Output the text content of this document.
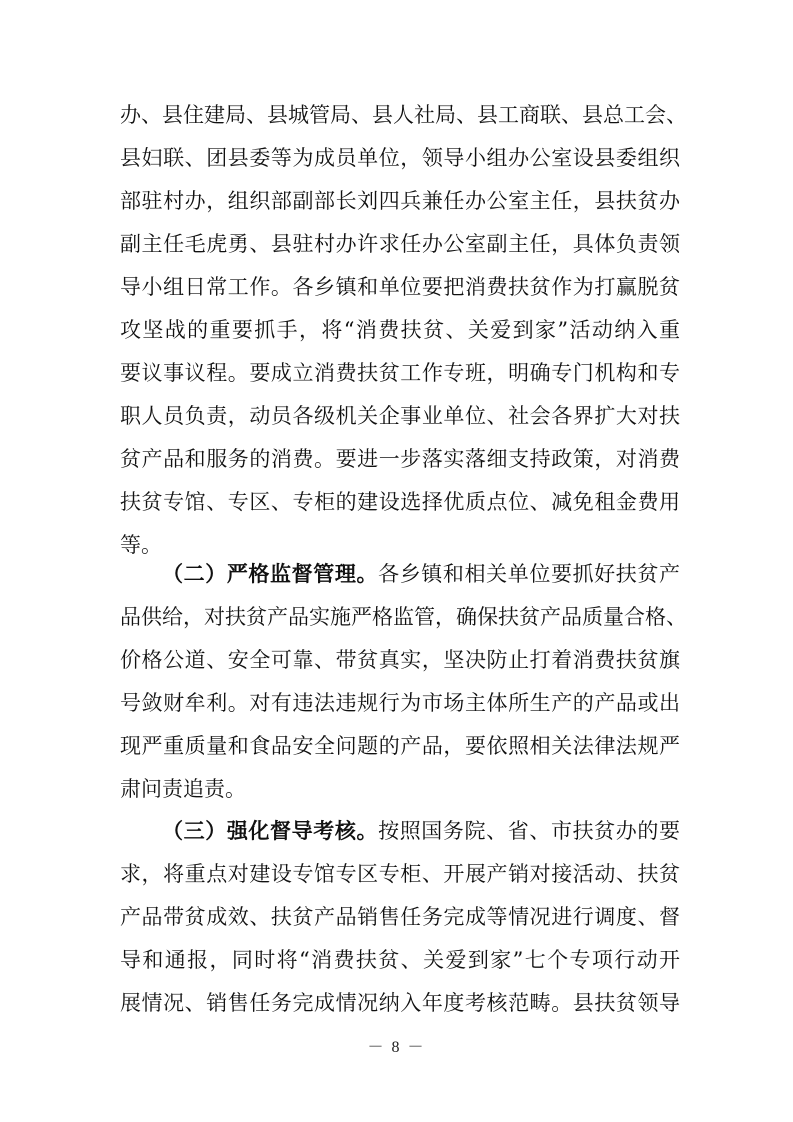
办、县住建局、县城管局、县人社局、县工商联、县总工会、
县妇联、团县委等为成员单位，领导小组办公室设县委组织
部驻村办，组织部副部长刘四兵兼任办公室主任，县扶贫办
副主任毛虎勇、县驻村办许求任办公室副主任，具体负责领
导小组日常工作。各乡镇和单位要把消费扶贫作为打赢脱贫
攻坚战的重要抓手，将“消费扶贫、关爱到家”活动纳入重
要议事议程。要成立消费扶贫工作专班，明确专门机构和专
职人员负责，动员各级机关企事业单位、社会各界扩大对扶
贫产品和服务的消费。要进一步落实落细支持政策，对消费
扶贫专馆、专区、专柜的建设选择优质点位、减免租金费用
等。
（二）严格监督管理。各乡镇和相关单位要抓好扶贫产
品供给，对扶贫产品实施严格监管，确保扶贫产品质量合格、
价格公道、安全可靠、带贫真实，坚决防止打着消费扶贫旗
号敛财牟利。对有违法违规行为市场主体所生产的产品或出
现严重质量和食品安全问题的产品，要依照相关法律法规严
肃问责追责。
（三）强化督导考核。按照国务院、省、市扶贫办的要
求，将重点对建设专馆专区专柜、开展产销对接活动、扶贫
产品带贫成效、扶贫产品销售任务完成等情况进行调度、督
导和通报，同时将“消费扶贫、关爱到家”七个专项行动开
展情况、销售任务完成情况纳入年度考核范畴。县扶贫领导
－ 8 －
